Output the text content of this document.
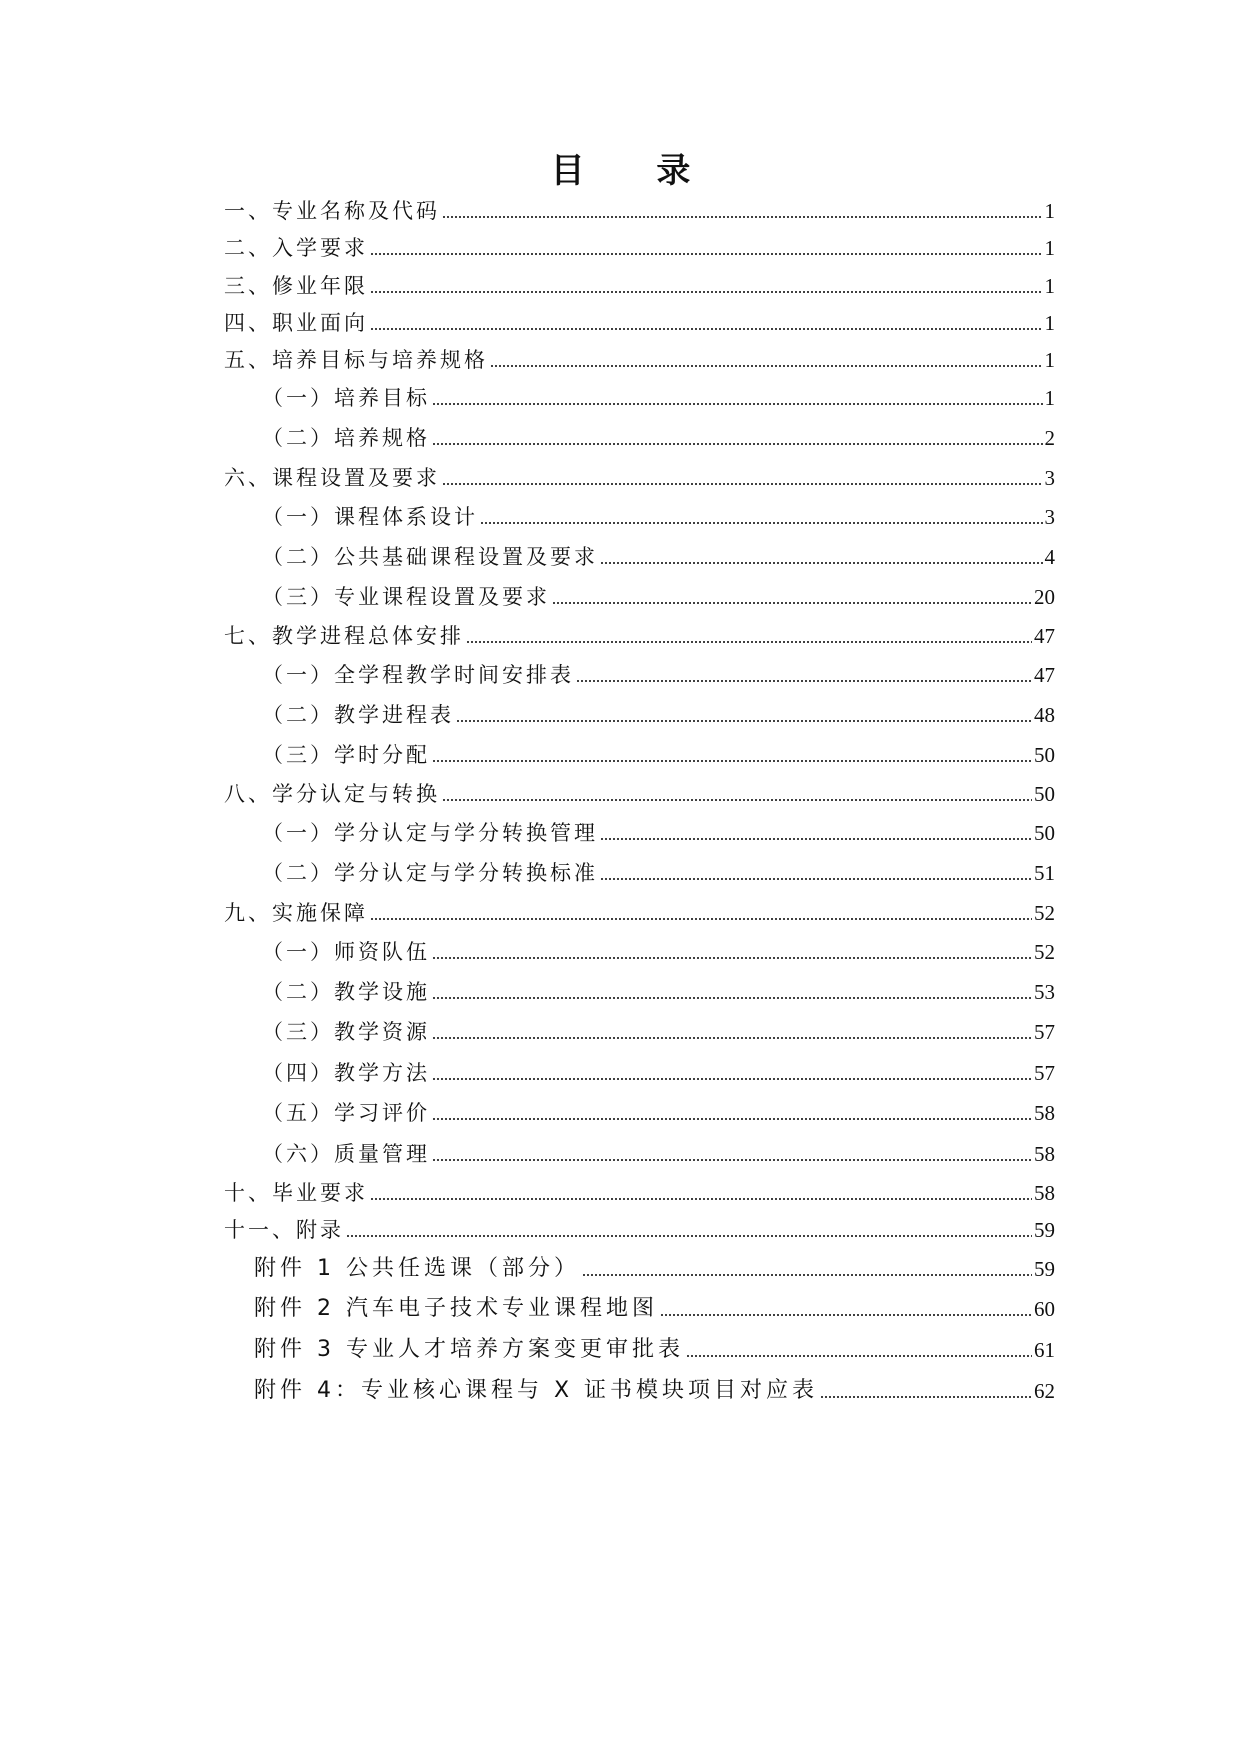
目 录
一、专业名称及代码	1
二、入学要求	1
三、修业年限	1
四、职业面向	1
五、培养目标与培养规格	1
（一）培养目标	1
（二）培养规格	2
六、课程设置及要求	3
（一）课程体系设计	3
（二）公共基础课程设置及要求	4
（三）专业课程设置及要求	20
七、教学进程总体安排	47
（一）全学程教学时间安排表	47
（二）教学进程表	48
（三）学时分配	50
八、学分认定与转换	50
（一）学分认定与学分转换管理	50
（二）学分认定与学分转换标准	51
九、实施保障	52
（一）师资队伍	52
（二）教学设施	53
（三）教学资源	57
（四）教学方法	57
（五）学习评价	58
（六）质量管理	58
十、毕业要求	58
十一、附录	59
附件 1 公共任选课（部分）	59
附件 2 汽车电子技术专业课程地图	60
附件 3 专业人才培养方案变更审批表	61
附件 4：专业核心课程与 X 证书模块项目对应表	62
